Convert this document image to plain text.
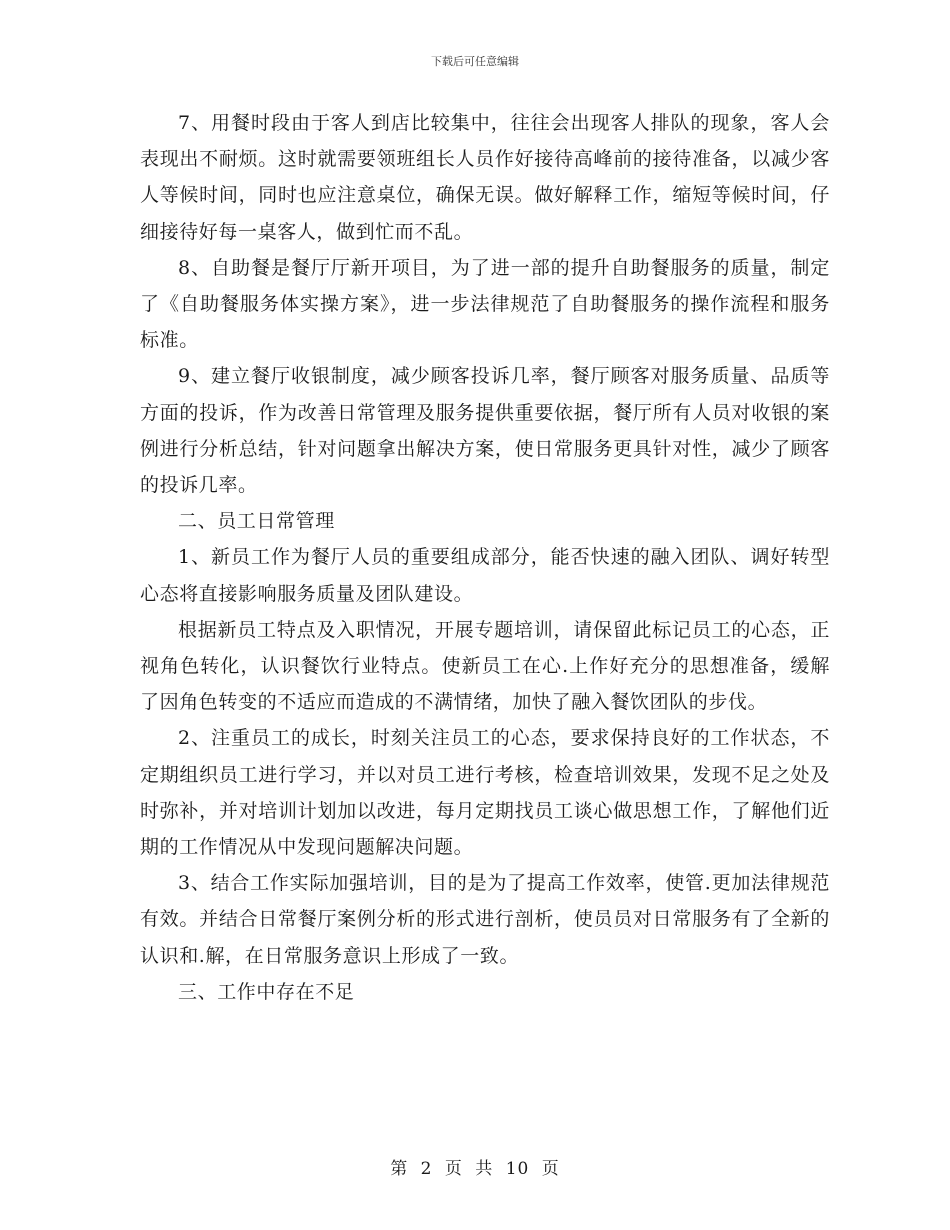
下载后可任意编辑

7、用餐时段由于客人到店比较集中，往往会出现客人排队的现象，客人会表现出不耐烦。这时就需要领班组长人员作好接待高峰前的接待准备，以减少客人等候时间，同时也应注意桌位，确保无误。做好解释工作，缩短等候时间，仔细接待好每一桌客人，做到忙而不乱。

8、自助餐是餐厅厅新开项目，为了进一部的提升自助餐服务的质量，制定了《自助餐服务体实操方案》，进一步法律规范了自助餐服务的操作流程和服务标准。

9、建立餐厅收银制度，减少顾客投诉几率，餐厅顾客对服务质量、品质等方面的投诉，作为改善日常管理及服务提供重要依据，餐厅所有人员对收银的案例进行分析总结，针对问题拿出解决方案，使日常服务更具针对性，减少了顾客的投诉几率。

二、员工日常管理

1、新员工作为餐厅人员的重要组成部分，能否快速的融入团队、调好转型心态将直接影响服务质量及团队建设。

根据新员工特点及入职情况，开展专题培训，请保留此标记员工的心态，正视角色转化，认识餐饮行业特点。使新员工在心.上作好充分的思想准备，缓解了因角色转变的不适应而造成的不满情绪，加快了融入餐饮团队的步伐。

2、注重员工的成长，时刻关注员工的心态，要求保持良好的工作状态，不定期组织员工进行学习，并以对员工进行考核，检查培训效果，发现不足之处及时弥补，并对培训计划加以改进，每月定期找员工谈心做思想工作，了解他们近期的工作情况从中发现问题解决问题。

3、结合工作实际加强培训，目的是为了提高工作效率，使管.更加法律规范有效。并结合日常餐厅案例分析的形式进行剖析，使员员对日常服务有了全新的认识和.解，在日常服务意识上形成了一致。

三、工作中存在不足

第 2 页 共 10 页
